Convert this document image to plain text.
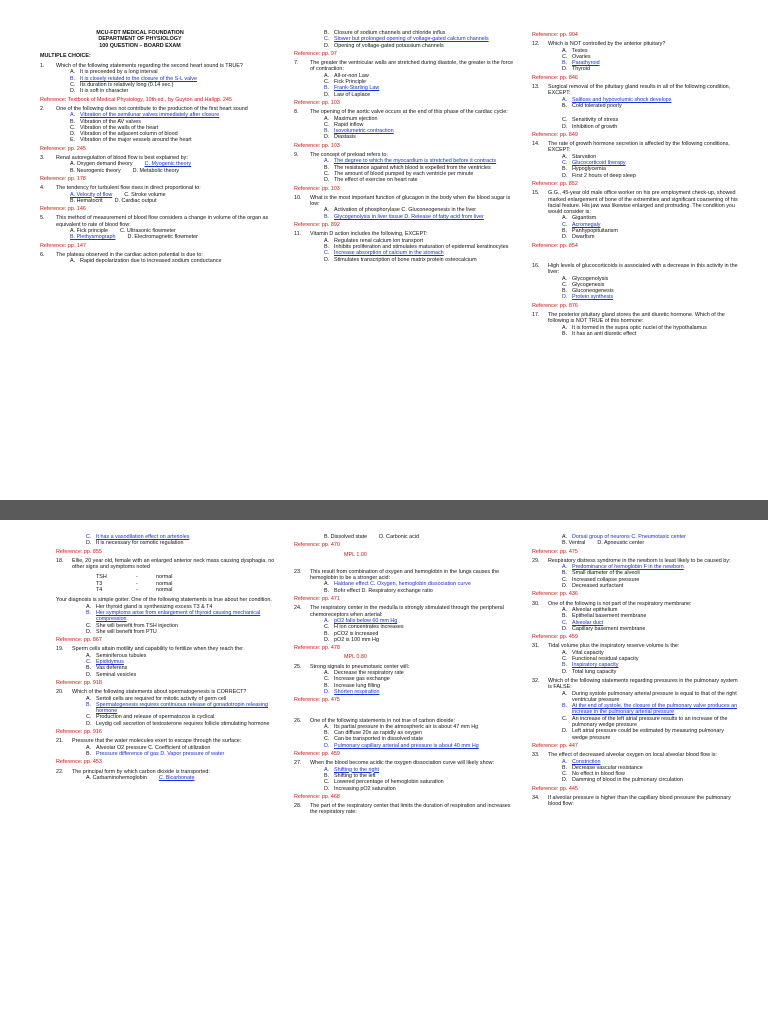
MCU-FDT MEDICAL FOUNDATION
DEPARTMENT OF PHYSIOLOGY
100 QUESTION – BOARD EXAM
MULTIPLE CHOICE:
1.	Which of the following statements regarding the second heart sound is TRUE?
A. It is preceeded by a long interval
B. It is closely related to the closure of the S-L valve
C. Its duration is relatively long (0.14 sec.)
D. It is soft in character
Reference: Textbook of Medical Physiology, 10th ed., by Guyton and Hallgp. 245
2.	One of the following does not contribute to the production of the first heart sound
A. Vibration of the semilunar valves immediately after closure
B. Vibration of the AV valves
C. Vibration of the walls of the heart
D. Vibration of the adjacent column of blood
E. Vibration of the major vessels around the heart
Reference: pp. 245
3.	Renal autoregulation of blood flow is best explained by:
A. Oxygen demand theory C. Myogenic theory
B. Neurogenic theory D. Metabolic theory
Reference: pp. 178
4.	The tendency for turbulent flow rises in direct proportional to:
A. Velocity of flow C. Stroke volume
B. Hematocrit D. Cardiac output
Reference: pp. 146
5.	This method of measurement of blood flow considers a change in volume of the organ as equivalent to rate of blood flow:
A. Fick principle C. Ultrasonic flowmeter
B. Plethysmograph D. Electromagnetic flowmeter
Reference: pp. 147
6.	The plateau observed in the cardiac action potential is due to:
A. Rapid depolarization due to increased sodium conductance
B. Closure of sodium channels and chloride influx
C. Slower but prolonged opening of voltage-gated calcium channels
D. Opening of voltage-gated potassium channels
Reference: pp. 97
7.	The greater the ventricular walls are stretched during diastole, the greater is the force of contraction:
A. All-or-non Law
C. Fick Principle
B. Frank-Starling Law
D. Law of Laplace
Reference: pp. 103
8.	The opening of the aortic valve occurs at the end of this phase of the cardiac cycle:
A. Maximum ejection
C. Rapid inflow
B. Isovolumetric contraction
D. Diastasis
Reference: pp. 103
9.	The concept of preload refers to:
A. The degree to which the myocardium is stretched before it contracts
B. The resistance against which blood is expelled from the ventricles
C. The amount of blood pumped by each ventricle per minute
D. The effect of exercise on heart rate
Reference: pp. 103
10.	What is the most important function of glucagon in the body when the blood sugar is low:
A. Activation of phosphorylase C. Gluconeogenesis in the liver
B. Glycogenolysis in liver tissue D. Release of fatty acid from liver
Reference: pp. 892
11.	Vitamin D action includes the following, EXCEPT:
A. Regulates renal calcium ion transport
B. Inhibits proliferation and stimulates maturation of epidermal keratinocytes
C. Increase absorption of calcium in the stomach
D. Stimulates transcription of bone matrix protein osteocalcium
Reference: pp. 904
12.	Which is NOT controlled by the anterior pituitary?
A. Testes
C. Ovaries
B. Parathyroid
D. Thyroid
Reference: pp. 846
13.	Surgical removal of the pituitary gland results in all of the following condition, EXCEPT:
A. Saltloss and hypovolumic shock develops
B. Cold tolerated poorly
C. Sensitivity of stress
D. Inhibition of growth
Reference: pp. 849
14.	The rate of growth hormone secretion is affected by the following conditions, EXCEPT:
A. Starvation
C. Glucocorticoid therapy
B. Hypoglycemia
D. First 2 hours of deep sleep
Reference: pp. 852
15.	G.G., 45-year old male office worker on his pre employment check-up, showed marked enlargement of bone of the extremities and significant coarsening of his facial feature. His jaw was likewise enlarged and protruding. The condition you would consider is:
A. Gigantism
C. Acromegaly
B. Panhypopituitarism
D. Dwarfism
Reference: pp. 854
16.	High levels of glucocorticoids is associated with a decrease in this activity in the liver:
A. Glycogenolysis
C. Glycogenesis
B. Gluconeogenesis
D. Protein synthesis
Reference: pp. 876
17.	The posterior pituitary gland stores the anti diuretic hormone. Which of the following is NOT TRUE of this hormone:
A. It is formed in the supra optic nuclei of the hypothalamus
B. It has an anti diuretic effect
C. It has a vasodilation effect on arterioles
D. It is necessary for osmotic regulation
Reference: pp. 855
18.	Ellie, 20 year old, female with an enlarged anterior neck mass causing dysphagia, no other signs and symptoms noted
TSH	-	normal
T3	-	normal
T4	-	normal
Your diagnosis is simple goiter. One of the following statements is true about her condition.
A. Her thyroid gland is synthesizing excess T3 & T4
B. Her symptoms arise from enlargement of thyroid causing mechanical compression
C. She will benefit from TSH injection
D. She will benefit from PTU
Reference: pp. 867
19.	Sperm cells attain motility and capability to fertilize when they reach the:
A. Seminiferous tubules
C. Epididymus
B. Vas deferens
D. Seminal vesicles
Reference: pp. 918
20.	Which of the following statements about spermatogenesis is CORRECT?
A. Sertoli cells are required for mitotic activity of germ cell
B. Spermatogenesis requires continuous release of gonadotropin releasing hormone
C. Production and release of spermatozoa is cyclical
D. Leydig cell secretion of testosterone requires follicle stimulating hormone
Reference: pp. 916
21.	Pressure that the water molecules exert to escape through the surface:
A. Alveolar O2 pressure C. Coefficient of utilization
B. Pressure difference of gas D. Vapor pressure of water
Reference: pp. 453
22.	The principal form by which carbon dioxide is transported:
A. Carbaminohemoglobin C. Bicarbonate
B. Dissolved state D. Carbonic acid
Reference: pp. 470
MPL 1.00
23.	This result from combination of oxygen and hemoglobin in the lungs causes the hemoglobin to be a stronger acid:
A. Haldane effect C. Oxygen, hemoglobin dissociation curve
B. Bohr effect D. Respiratory exchange ratio
Reference: pp. 471
24.	The respiratory center in the medulla is strongly stimulated through the peripheral chemoreceptors when arterial:
A. pO2 falls below 60 mm Hg
C. H ion concentrates increases
B. pCO2 is increased
D. pO2 is 100 mm Hg
Reference: pp. 478
MPL 0.80
25.	Strong signals to pneumotaxic center will:
A. Decrease the respiratory rate
C. Increase gas exchange
B. Increase lung filling
D. Shorten respiration
Reference: pp. 475
26.	One of the following statements in not true of carbon dioxide:
A. Its partial pressure in the atmospheric air is about 47 mm Hg
B. Can diffuse 20x as rapidly as oxygen
C. Can be transported in dissolved state
D. Pulmonary capillary arterial and pressure is about 40 mm Hg
Reference: pp. 459
27.	When the blood become acidic the oxygen dissociation curve will likely show:
A. Shifting to the right
B. Shifting to the left
C. Lowered percentage of hemoglobin saturation
D. Increasing pO2 saturation
Reference: pp. 468
28.	The part of the respiratory center that limits the duration of respiration and increases the respiratory rate:
A. Dorsal group of neurons C. Pneumotaxic center
B. Ventral D. Apneustic center
Reference: pp. 475
29.	Respiratory distress syndrome in the newborn is least likely to be caused by:
A. Predominance of hemoglobin F in the newborn
B. Small diameter of the alveoli
C. Increased collapse pressure
D. Decreased surfactant
Reference: pp. 436
30.	One of the following is not part of the respiratory membrane:
A. Alveolar epithelium
B. Epithelial basement membrane
C. Alveolar duct
D. Capillary basement membrane
Reference: pp. 459
31.	Tidal volume plus the inspiratory reserve volume is the:
A. Vital capacity
C. Functional residual capacity
B. Inspiratory capacity
D. Total lung capacity
32.	Which of the following statements regarding pressures in the pulmonary system is FALSE:
A. During systole pulmonary arterial pressure is equal to that of the right ventricular pressure
B. At the end of systole, the closure of the pulmonary valve produces an increase in the pulmonary arterial pressure
C. An increase of the left atrial pressure results to an increase of the pulmonary wedge pressure
D. Left atrial pressure could be estimated by measuring pulmonary wedge pressure
Reference: pp. 447
33.	The effect of decreased alveolar oxygen on local alveolar blood flow is:
A. Constriction
B. Decrease vascular resistance
C. No effect in blood flow
D. Damming of blood in the pulmonary circulation
Reference: pp. 445
34.	If alveolar pressure is higher than the capillary blood pressure the pulmonary blood flow:
